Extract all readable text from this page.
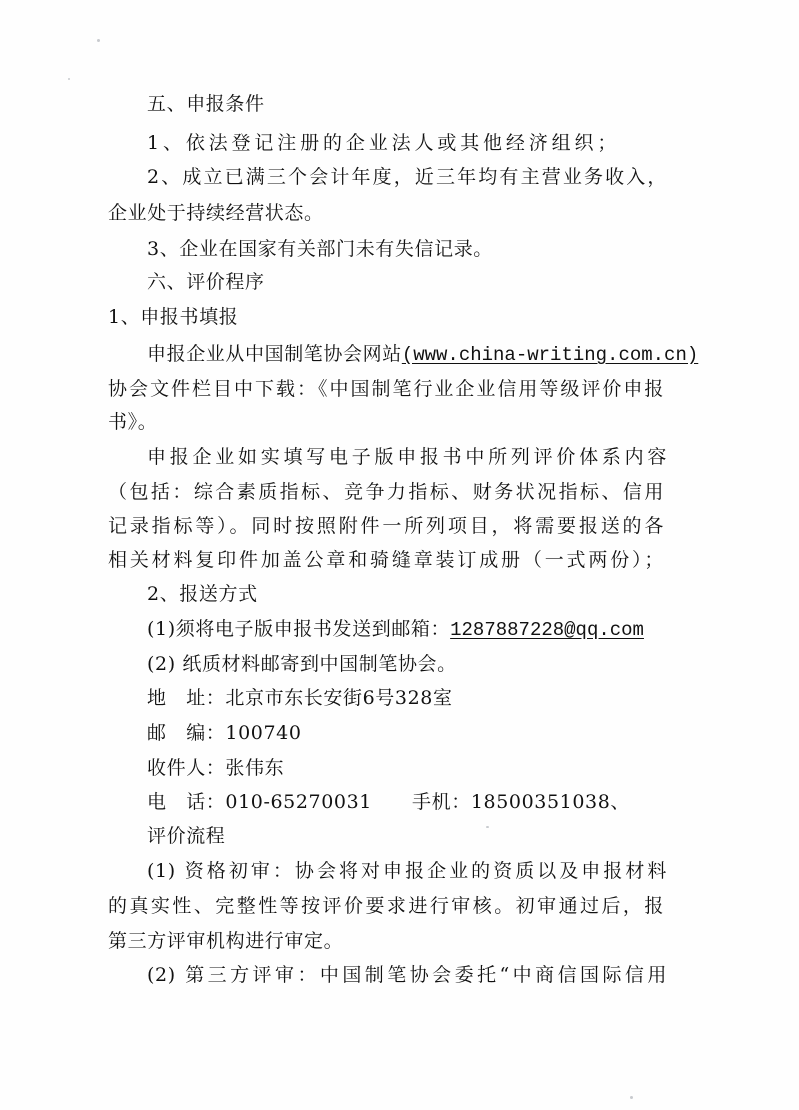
五、申报条件
1、依法登记注册的企业法人或其他经济组织；
2、成立已满三个会计年度，近三年均有主营业务收入，
企业处于持续经营状态。
3、企业在国家有关部门未有失信记录。
六、评价程序
1、申报书填报
申报企业从中国制笔协会网站(www.china-writing.com.cn)
协会文件栏目中下载：《中国制笔行业企业信用等级评价申报
书》。
申报企业如实填写电子版申报书中所列评价体系内容
（包括：综合素质指标、竞争力指标、财务状况指标、信用
记录指标等）。同时按照附件一所列项目，将需要报送的各
相关材料复印件加盖公章和骑缝章装订成册（一式两份）；
2、报送方式
(1)须将电子版申报书发送到邮箱：1287887228@qq.com
(2) 纸质材料邮寄到中国制笔协会。
地　址：北京市东长安街6号328室
邮　编：100740
收件人：张伟东
电　话：010-65270031 手机：18500351038、
评价流程
(1) 资格初审：协会将对申报企业的资质以及申报材料
的真实性、完整性等按评价要求进行审核。初审通过后，报
第三方评审机构进行审定。
(2) 第三方评审：中国制笔协会委托“中商信国际信用
